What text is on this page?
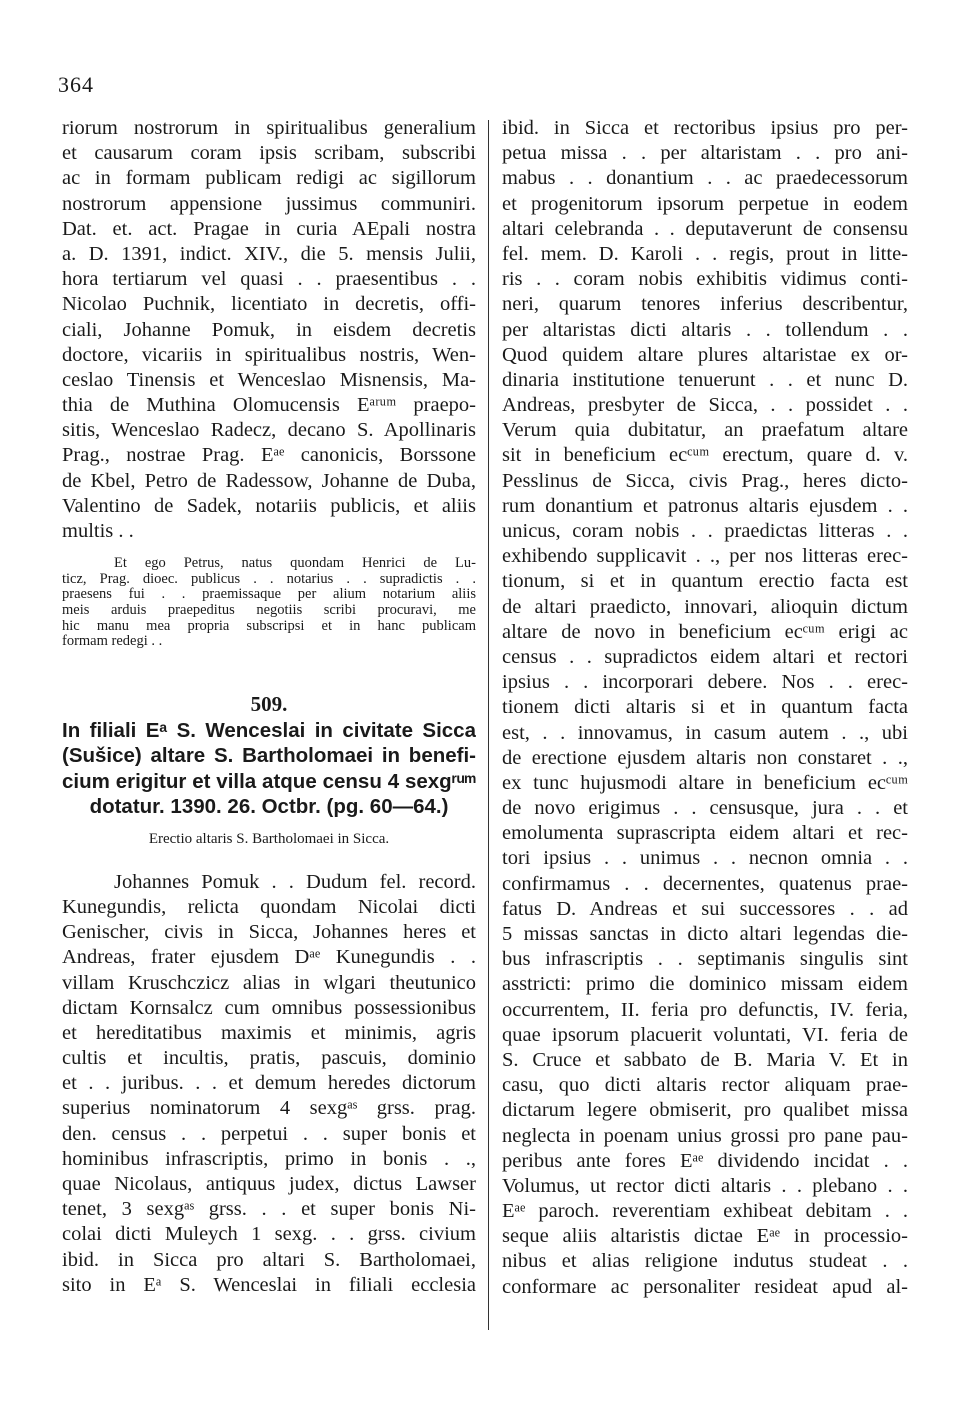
364
riorum nostrorum in spiritualibus generalium
et causarum coram ipsis scribam, subscribi
ac in formam publicam redigi ac sigillorum
nostrorum appensione jussimus communiri.
Dat. et. act. Pragae in curia AEpali nostra
a. D. 1391, indict. XIV., die 5. mensis Julii,
hora tertiarum vel quasi . . praesentibus . .
Nicolao Puchnik, licentiato in decretis, offi-
ciali, Johanne Pomuk, in eisdem decretis
doctore, vicariis in spiritualibus nostris, Wen-
ceslao Tinensis et Wenceslao Misnensis, Ma-
thia de Muthina Olomucensis Eᵃʳᵘᵐ praepo-
sitis, Wenceslao Radecz, decano S. Apollinaris
Prag., nostrae Prag. Eᵃᵉ canonicis, Borssone
de Kbel, Petro de Radessow, Johanne de Duba,
Valentino de Sadek, notariis publicis, et aliis
multis . .
Et ego Petrus, natus quondam Henrici de Lu-
ticz, Prag. dioec. publicus . . notarius . . supradictis . .
praesens fui . . praemissaque per alium notarium aliis
meis arduis praepeditus negotiis scribi procuravi, me
hic manu mea propria subscripsi et in hanc publicam
formam redegi . .
509.
In filiali Eᵃ S. Wenceslai in civitate Sicca
(Sušice) altare S. Bartholomaei in benefi-
cium erigitur et villa atque censu 4 sexgʳᵘᵐ
dotatur. 1390. 26. Octbr. (pg. 60—64.)
Erectio altaris S. Bartholomaei in Sicca.
Johannes Pomuk . . Dudum fel. record.
Kunegundis, relicta quondam Nicolai dicti
Genischer, civis in Sicca, Johannes heres et
Andreas, frater ejusdem Dᵃᵉ Kunegundis . .
villam Kruschczicz alias in wlgari theutunico
dictam Kornsalcz cum omnibus possessionibus
et hereditatibus maximis et minimis, agris
cultis et incultis, pratis, pascuis, dominio
et . . juribus. . . et demum heredes dictorum
superius nominatorum 4 sexgᵃˢ grss. prag.
den. census . . perpetui . . super bonis et
hominibus infrascriptis, primo in bonis . .,
quae Nicolaus, antiquus judex, dictus Lawser
tenet, 3 sexgᵃˢ grss. . . et super bonis Ni-
colai dicti Muleych 1 sexg. . . grss. civium
ibid. in Sicca pro altari S. Bartholomaei,
sito in Eᵃ S. Wenceslai in filiali ecclesia
ibid. in Sicca et rectoribus ipsius pro per-
petua missa . . per altaristam . . pro ani-
mabus . . donantium . . ac praedecessorum
et progenitorum ipsorum perpetue in eodem
altari celebranda . . deputaverunt de consensu
fel. mem. D. Karoli . . regis, prout in litte-
ris . . coram nobis exhibitis vidimus conti-
neri, quarum tenores inferius describentur,
per altaristas dicti altaris . . tollendum . .
Quod quidem altare plures altaristae ex or-
dinaria institutione tenuerunt . . et nunc D.
Andreas, presbyter de Sicca, . . possidet . .
Verum quia dubitatur, an praefatum altare
sit in beneficium ecᶜᵘᵐ erectum, quare d. v.
Pesslinus de Sicca, civis Prag., heres dicto-
rum donantium et patronus altaris ejusdem . .
unicus, coram nobis . . praedictas litteras . .
exhibendo supplicavit . ., per nos litteras erec-
tionum, si et in quantum erectio facta est
de altari praedicto, innovari, alioquin dictum
altare de novo in beneficium ecᶜᵘᵐ erigi ac
census . . supradictos eidem altari et rectori
ipsius . . incorporari debere. Nos . . erec-
tionem dicti altaris si et in quantum facta
est, . . innovamus, in casum autem . ., ubi
de erectione ejusdem altaris non constaret . .,
ex tunc hujusmodi altare in beneficium ecᶜᵘᵐ
de novo erigimus . . censusque, jura . . et
emolumenta suprascripta eidem altari et rec-
tori ipsius . . unimus . . necnon omnia . .
confirmamus . . decernentes, quatenus prae-
fatus D. Andreas et sui successores . . ad
5 missas sanctas in dicto altari legendas die-
bus infrascriptis . . septimanis singulis sint
asstricti: primo die dominico missam eidem
occurrentem, II. feria pro defunctis, IV. feria,
quae ipsorum placuerit voluntati, VI. feria de
S. Cruce et sabbato de B. Maria V. Et in
casu, quo dicti altaris rector aliquam prae-
dictarum legere obmiserit, pro qualibet missa
neglecta in poenam unius grossi pro pane pau-
peribus ante fores Eᵃᵉ dividendo incidat . .
Volumus, ut rector dicti altaris . . plebano . .
Eᵃᵉ paroch. reverentiam exhibeat debitam . .
seque aliis altaristis dictae Eᵃᵉ in processio-
nibus et alias religione indutus studeat . .
conformare ac personaliter resideat apud al-
